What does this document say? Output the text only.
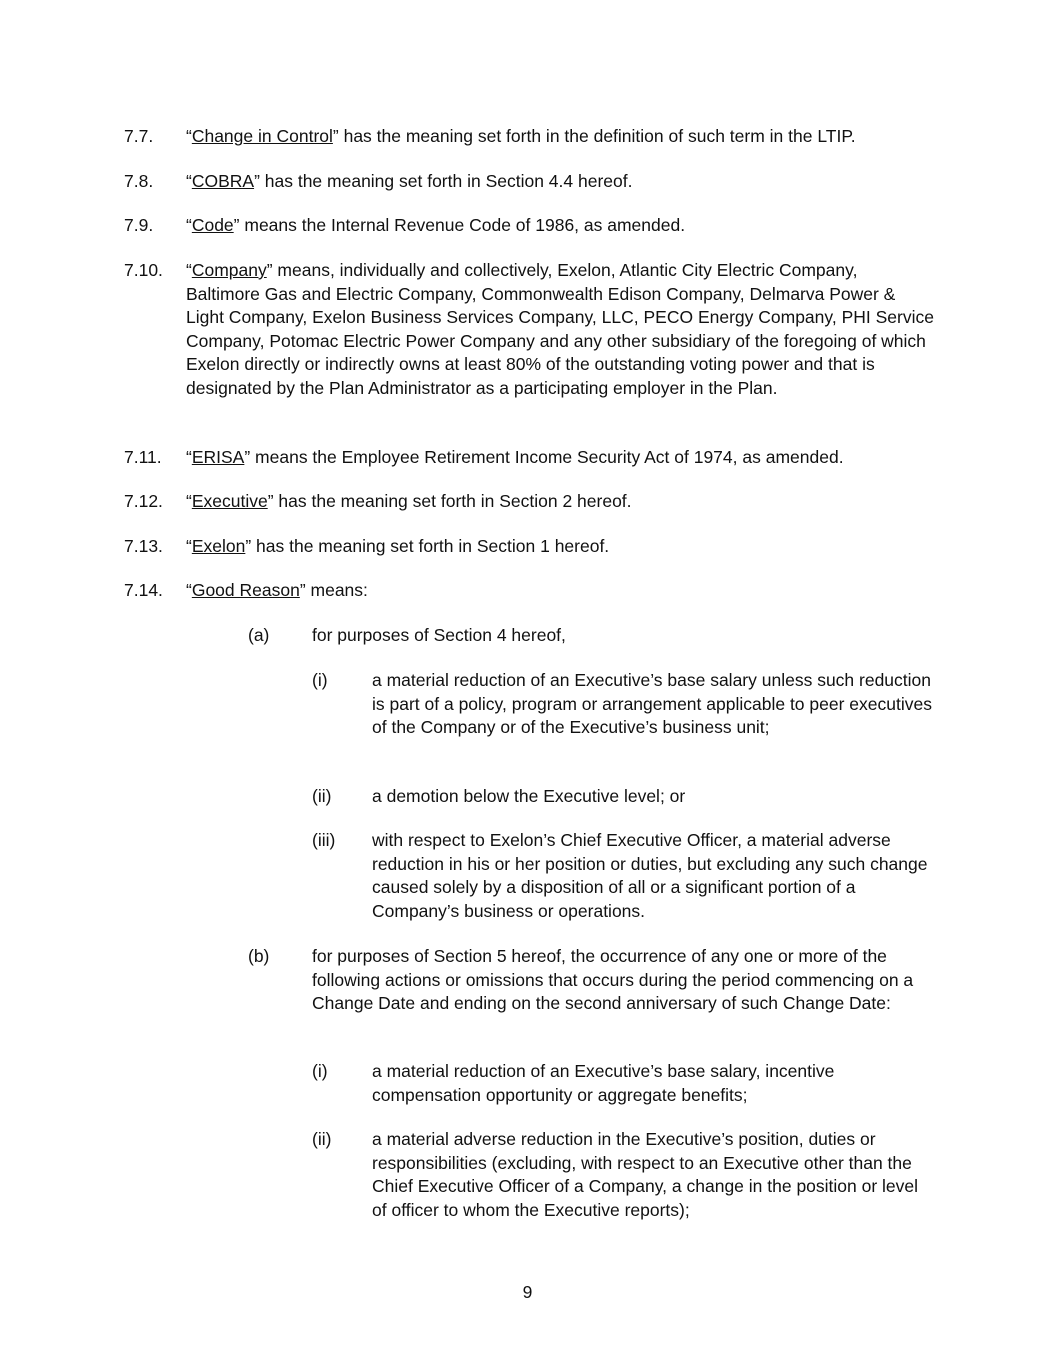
7.7. “Change in Control” has the meaning set forth in the definition of such term in the LTIP.
7.8. “COBRA” has the meaning set forth in Section 4.4 hereof.
7.9. “Code” means the Internal Revenue Code of 1986, as amended.
7.10. “Company” means, individually and collectively, Exelon, Atlantic City Electric Company, Baltimore Gas and Electric Company, Commonwealth Edison Company, Delmarva Power & Light Company, Exelon Business Services Company, LLC, PECO Energy Company, PHI Service Company, Potomac Electric Power Company and any other subsidiary of the foregoing of which Exelon directly or indirectly owns at least 80% of the outstanding voting power and that is designated by the Plan Administrator as a participating employer in the Plan.
7.11. “ERISA” means the Employee Retirement Income Security Act of 1974, as amended.
7.12. “Executive” has the meaning set forth in Section 2 hereof.
7.13. “Exelon” has the meaning set forth in Section 1 hereof.
7.14. “Good Reason” means:
(a) for purposes of Section 4 hereof,
(i)	a material reduction of an Executive’s base salary unless such reduction is part of a policy, program or arrangement applicable to peer executives of the Company or of the Executive’s business unit;
(ii) a demotion below the Executive level; or
(iii) with respect to Exelon’s Chief Executive Officer, a material adverse reduction in his or her position or duties, but excluding any such change caused solely by a disposition of all or a significant portion of a Company’s business or operations.
(b) for purposes of Section 5 hereof, the occurrence of any one or more of the following actions or omissions that occurs during the period commencing on a Change Date and ending on the second anniversary of such Change Date:
(i)	a material reduction of an Executive’s base salary, incentive compensation opportunity or aggregate benefits;
(ii) a material adverse reduction in the Executive’s position, duties or responsibilities (excluding, with respect to an Executive other than the Chief Executive Officer of a Company, a change in the position or level of officer to whom the Executive reports);
9
